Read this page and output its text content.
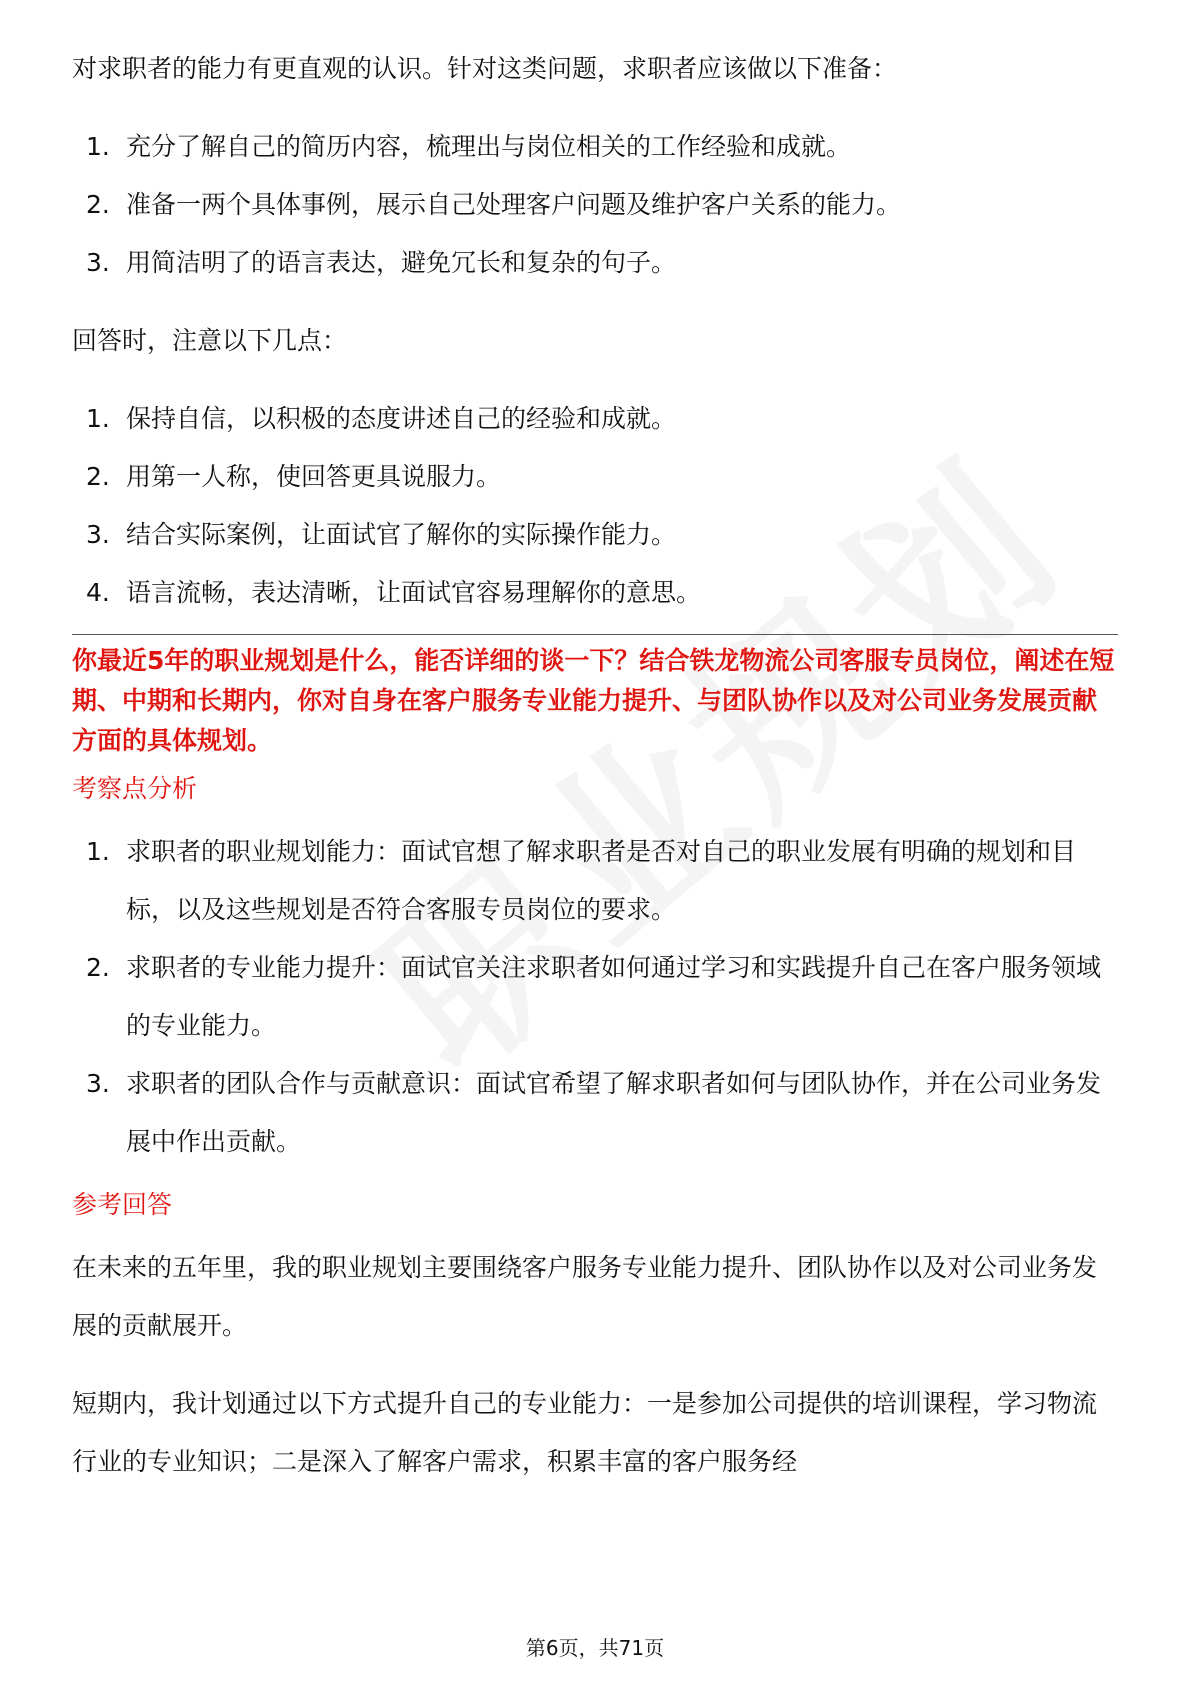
对求职者的能力有更直观的认识。针对这类问题，求职者应该做以下准备：

1. 充分了解自己的简历内容，梳理出与岗位相关的工作经验和成就。
2. 准备一两个具体事例，展示自己处理客户问题及维护客户关系的能力。
3. 用简洁明了的语言表达，避免冗长和复杂的句子。

回答时，注意以下几点：

1. 保持自信，以积极的态度讲述自己的经验和成就。
2. 用第一人称，使回答更具说服力。
3. 结合实际案例，让面试官了解你的实际操作能力。
4. 语言流畅，表达清晰，让面试官容易理解你的意思。

你最近5年的职业规划是什么，能否详细的谈一下？结合铁龙物流公司客服专员岗位，阐述在短期、中期和长期内，你对自身在客户服务专业能力提升、与团队协作以及对公司业务发展贡献方面的具体规划。

考察点分析

1. 求职者的职业规划能力：面试官想了解求职者是否对自己的职业发展有明确的规划和目标，以及这些规划是否符合客服专员岗位的要求。
2. 求职者的专业能力提升：面试官关注求职者如何通过学习和实践提升自己在客户服务领域的专业能力。
3. 求职者的团队合作与贡献意识：面试官希望了解求职者如何与团队协作，并在公司业务发展中作出贡献。

参考回答

在未来的五年里，我的职业规划主要围绕客户服务专业能力提升、团队协作以及对公司业务发展的贡献展开。

短期内，我计划通过以下方式提升自己的专业能力：一是参加公司提供的培训课程，学习物流行业的专业知识；二是深入了解客户需求，积累丰富的客户服务经

第6页，共71页
